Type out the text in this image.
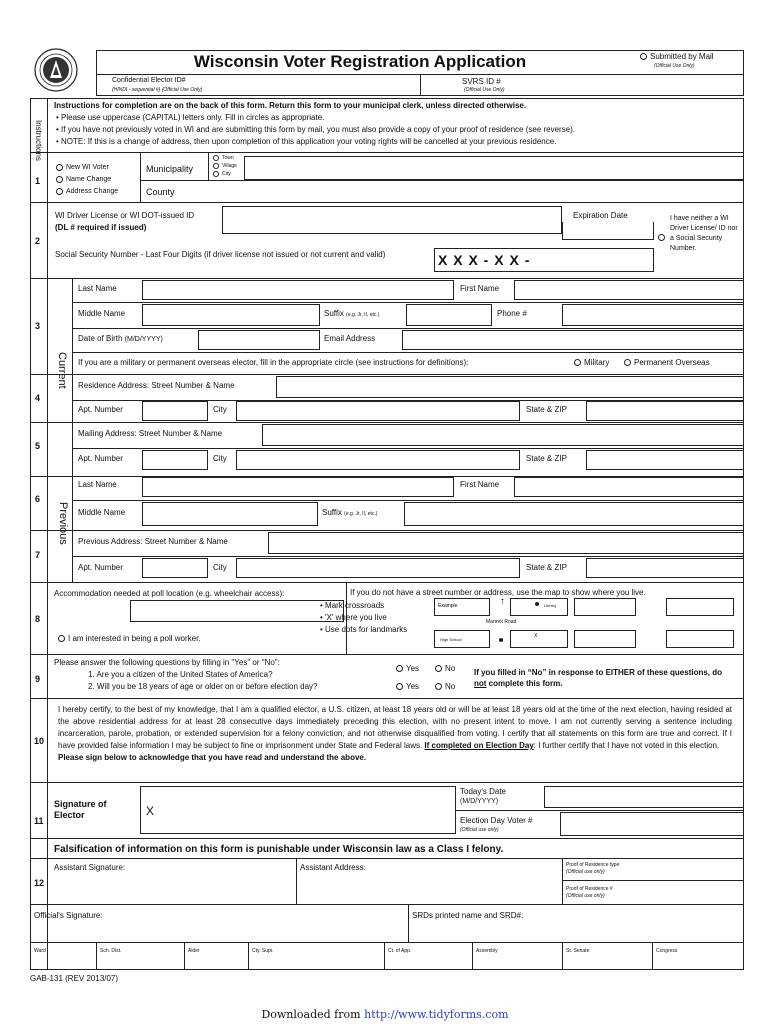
Wisconsin Voter Registration Application	Submitted by Mail
(Official Use Only)
Confidential Elector ID#
(HINDI - sequential #) (Official Use Only)
SVRS ID #
(Official Use Only)
Instructions
Instructions for completion are on the back of this form. Return this form to your municipal clerk, unless directed otherwise.
• Please use uppercase (CAPITAL) letters only. Fill in circles as appropriate.
• If you have not previously voted in WI and are submitting this form by mail, you must also provide a copy of your proof of residence (see reverse).
• NOTE: If this is a change of address, then upon completion of this application your voting rights will be cancelled at your previous residence.
1
New WI Voter
Name Change
Address Change
Municipality
Town
Village
City
County
2
WI Driver License or WI DOT-issued ID
(DL # required if issued)
Expiration Date	I have neither a WI Driver License/ ID nor a Social Security Number.
Social Security Number - Last Four Digits (if driver license not issued or not current and valid)	X X X - X X -
Current
3
Last Name	First Name
Middle Name	Suffix (e.g. Jr, II, etc.)	Phone #
Date of Birth (M/D/YYYY)	Email Address
If you are a military or permanent overseas elector, fill in the appropriate circle (see instructions for definitions):	Military	Permanent Overseas
4
Residence Address: Street Number & Name
Apt. Number	City	State & ZIP
5
Mailing Address: Street Number & Name
Apt. Number	City	State & ZIP
Previous
6
Last Name	First Name
Middle Name	Suffix (e.g. Jr, II, etc.)
7
Previous Address: Street Number & Name
Apt. Number	City	State & ZIP
8
Accommodation needed at poll location (e.g. wheelchair access):
I am interested in being a poll worker.
If you do not have a street number or address, use the map to show where you live.
• Mark crossroads
• 'X' where you live
• Use dots for landmarks
Example	Library
Marmot Road
High School
X
↑
9
Please answer the following questions by filling in "Yes" or "No":
1. Are you a citizen of the United States of America?
2. Will you be 18 years of age or older on or before election day?
Yes	No
Yes	No
If you filled in “No” in response to EITHER of these questions, do not complete this form.
10
I hereby certify, to the best of my knowledge, that I am a qualified elector, a U.S. citizen, at least 18 years old or will be at least 18 years old at the time of the next election, having resided at the above residential address for at least 28 consecutive days immediately preceding this election, with no present intent to move. I am not currently serving a sentence including incarceration, parole, probation, or extended supervision for a felony conviction, and not otherwise disqualified from voting. I certify that all statements on this form are true and correct. If I have provided false information I may be subject to fine or imprisonment under State and Federal laws. If completed on Election Day: I further certify that I have not voted in this election.
Please sign below to acknowledge that you have read and understand the above.
11
Signature of Elector	X
Today's Date
(M/D/YYYY)
Election Day Voter #
(Official use only)
Falsification of information on this form is punishable under Wisconsin law as a Class I felony.
12
Assistant Signature:	Assistant Address:	Proof of Residence type
(Official use only)
Proof of Residence #
(Official use only)
Official's Signature:	SRDs printed name and SRD#:
Ward	Sch. Dist.	Alder	Cty. Supr.	Ct. of App.	Assembly	St. Senate	Congress
GAB-131 (REV 2013/07)
Downloaded from http://www.tidyforms.com
